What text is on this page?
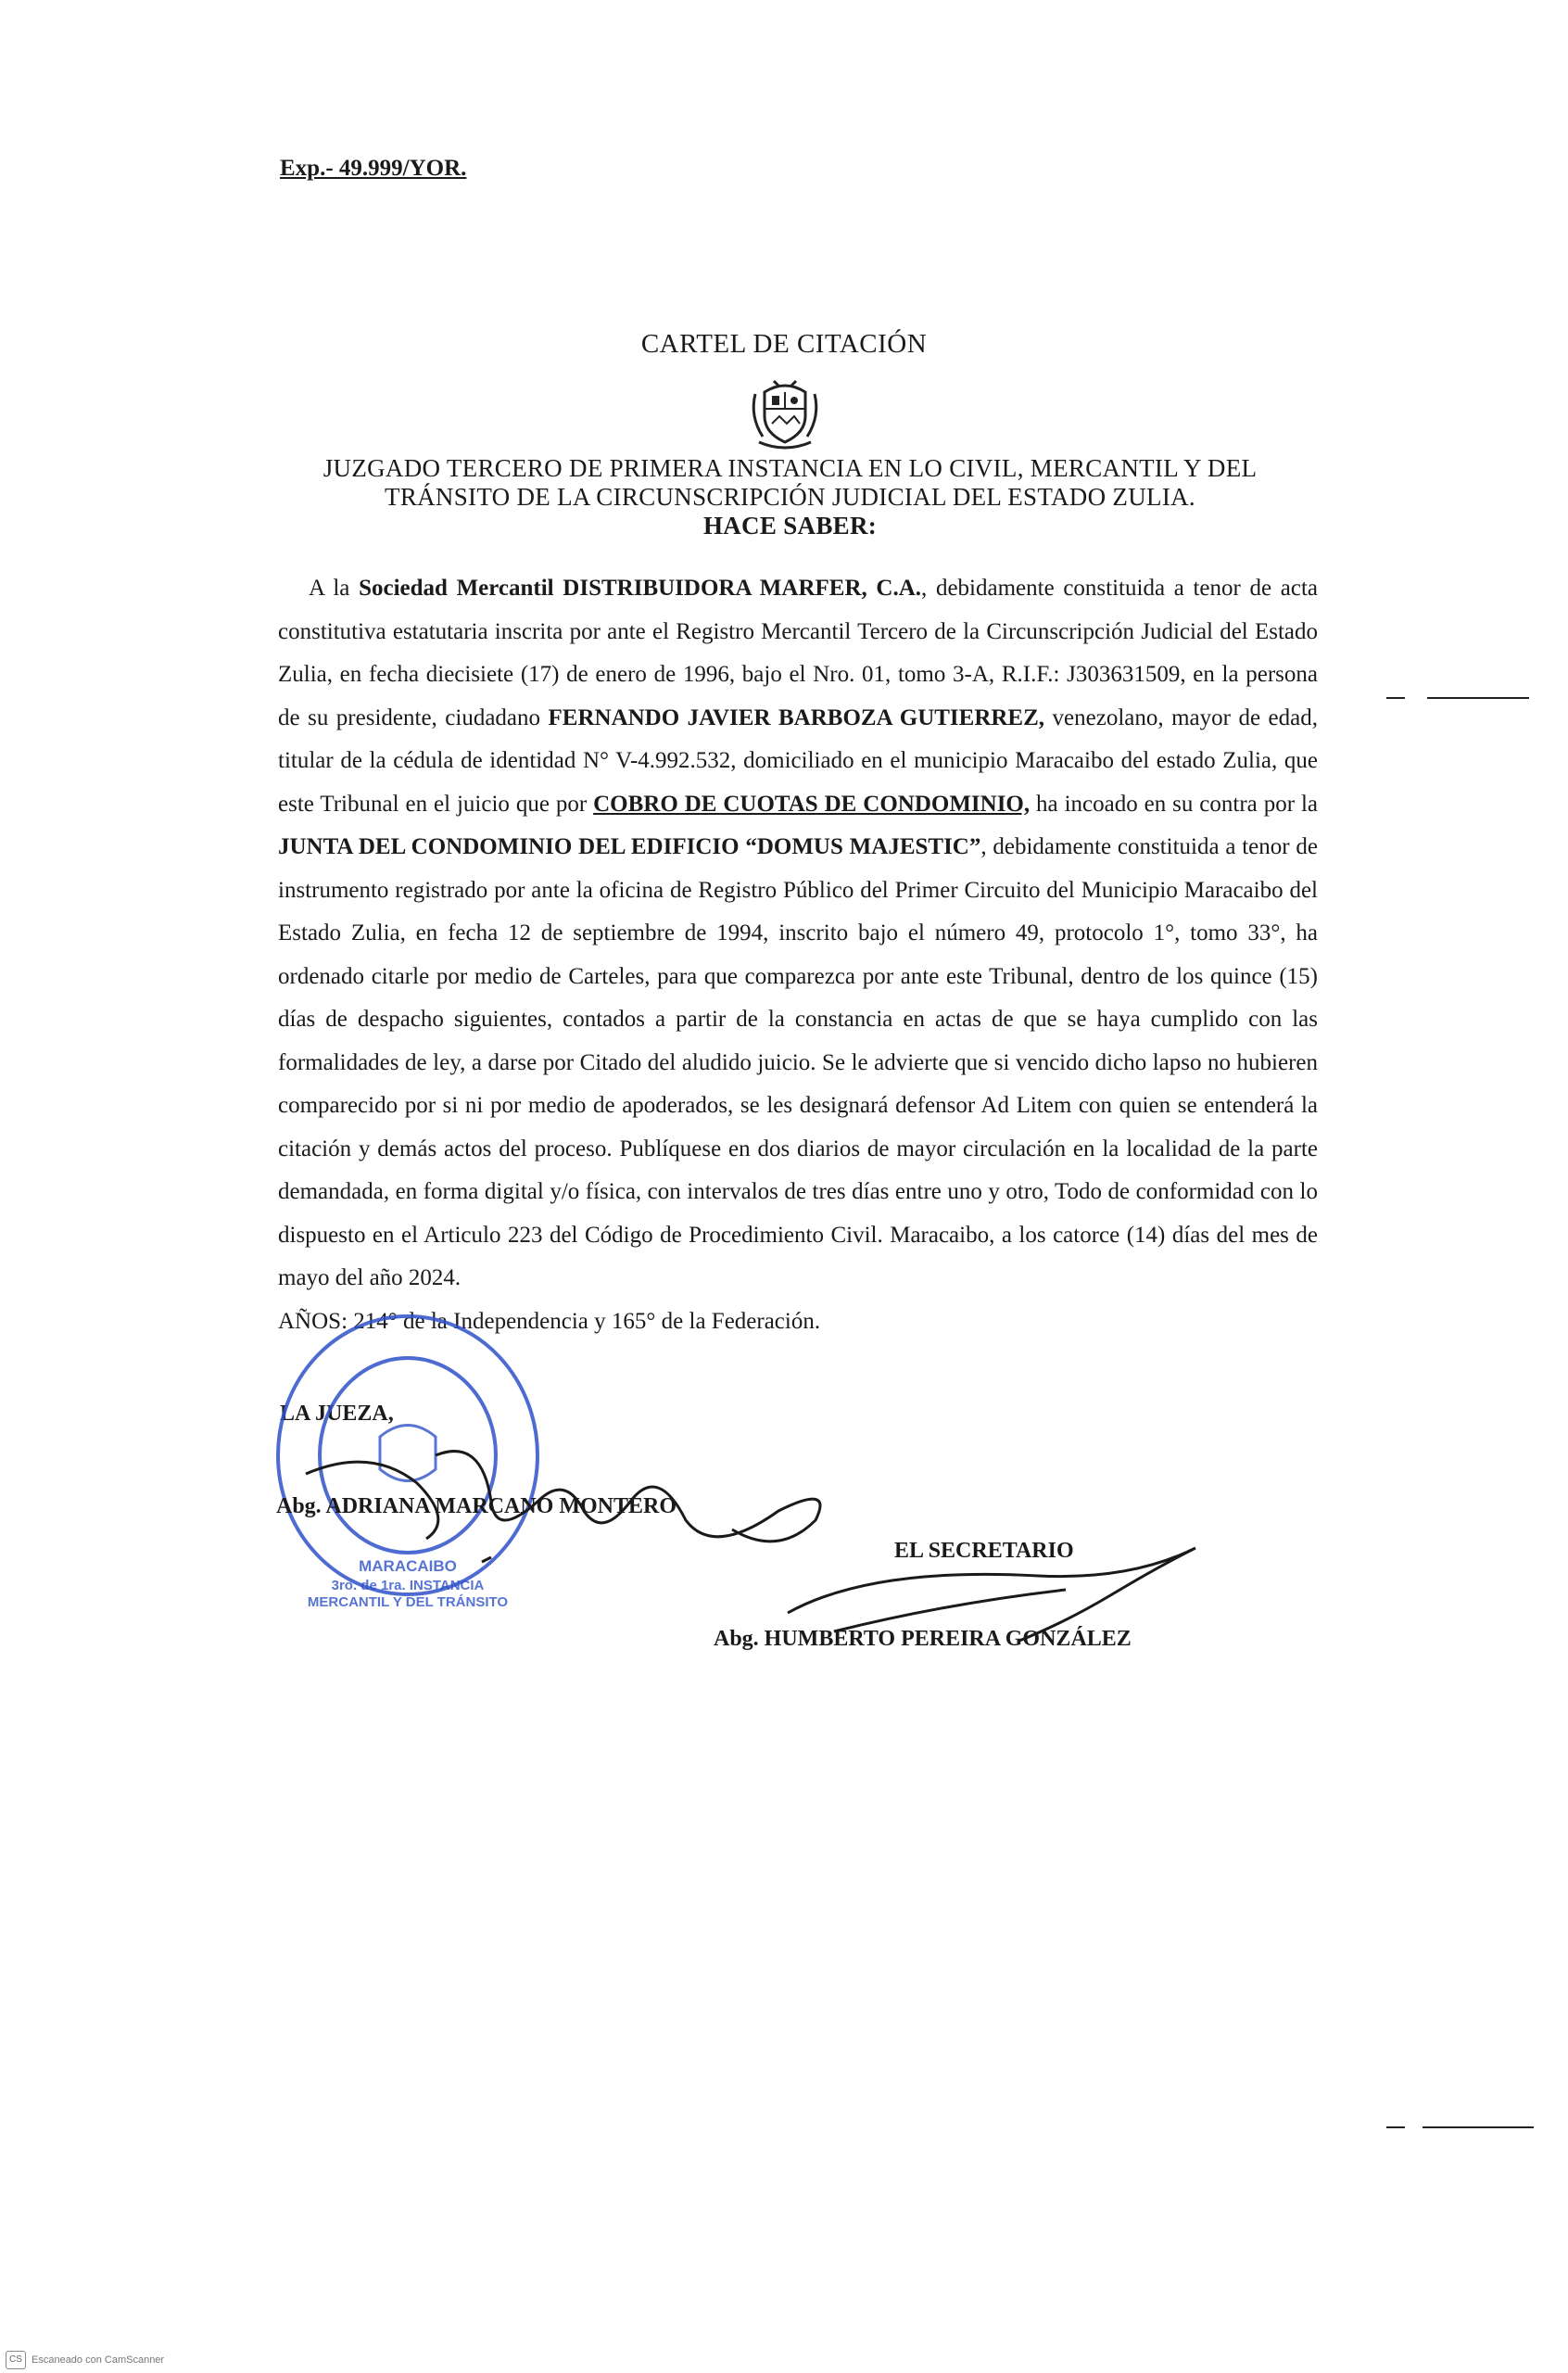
Exp.- 49.999/YOR.
CARTEL DE CITACIÓN
JUZGADO TERCERO DE PRIMERA INSTANCIA EN LO CIVIL, MERCANTIL Y DEL
TRÁNSITO DE LA CIRCUNSCRIPCIÓN JUDICIAL DEL ESTADO ZULIA.
HACE SABER:

A la Sociedad Mercantil DISTRIBUIDORA MARFER, C.A., debidamente constituida a tenor de acta constitutiva estatutaria inscrita por ante el Registro Mercantil Tercero de la Circunscripción Judicial del Estado Zulia, en fecha diecisiete (17) de enero de 1996, bajo el Nro. 01, tomo 3-A, R.I.F.: J303631509, en la persona de su presidente, ciudadano FERNANDO JAVIER BARBOZA GUTIERREZ, venezolano, mayor de edad, titular de la cédula de identidad N° V-4.992.532, domiciliado en el municipio Maracaibo del estado Zulia, que este Tribunal en el juicio que por COBRO DE CUOTAS DE CONDOMINIO, ha incoado en su contra por la JUNTA DEL CONDOMINIO DEL EDIFICIO “DOMUS MAJESTIC”, debidamente constituida a tenor de instrumento registrado por ante la oficina de Registro Público del Primer Circuito del Municipio Maracaibo del Estado Zulia, en fecha 12 de septiembre de 1994, inscrito bajo el número 49, protocolo 1°, tomo 33°, ha ordenado citarle por medio de Carteles, para que comparezca por ante este Tribunal, dentro de los quince (15) días de despacho siguientes, contados a partir de la constancia en actas de que se haya cumplido con las formalidades de ley, a darse por Citado del aludido juicio. Se le advierte que si vencido dicho lapso no hubieren comparecido por si ni por medio de apoderados, se les designará defensor Ad Litem con quien se entenderá la citación y demás actos del proceso. Publíquese en dos diarios de mayor circulación en la localidad de la parte demandada, en forma digital y/o física, con intervalos de tres días entre uno y otro, Todo de conformidad con lo dispuesto en el Articulo 223 del Código de Procedimiento Civil. Maracaibo, a los catorce (14) días del mes de mayo del año 2024.

AÑOS: 214° de la Independencia y 165° de la Federación.
LA JUEZA,
MARACAIBO
3ro. de 1ra. INSTANCIA
MERCANTIL Y DEL TRÁNSITO
Abg. ADRIANA MARCANO MONTERO
EL SECRETARIO
Abg. HUMBERTO PEREIRA GONZÁLEZ
CS Escaneado con CamScanner
